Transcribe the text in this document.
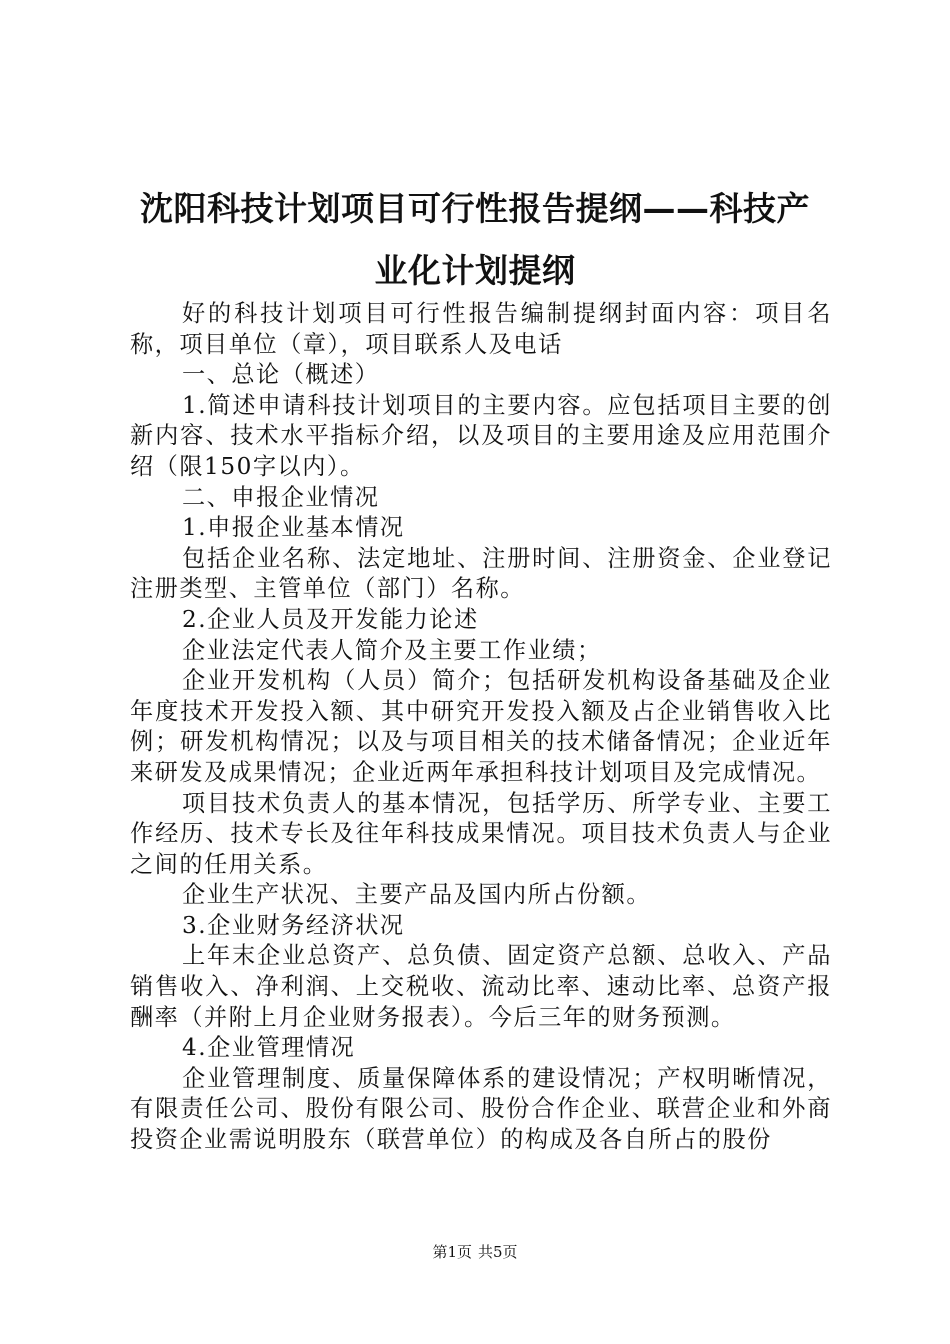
沈阳科技计划项目可行性报告提纲——科技产
业化计划提纲

好的科技计划项目可行性报告编制提纲封面内容：项目名称，项目单位（章），项目联系人及电话

一、总论（概述）

1.简述申请科技计划项目的主要内容。应包括项目主要的创新内容、技术水平指标介绍，以及项目的主要用途及应用范围介绍（限150字以内）。

二、申报企业情况

1.申报企业基本情况

包括企业名称、法定地址、注册时间、注册资金、企业登记注册类型、主管单位（部门）名称。

2.企业人员及开发能力论述

企业法定代表人简介及主要工作业绩；

企业开发机构（人员）简介；包括研发机构设备基础及企业年度技术开发投入额、其中研究开发投入额及占企业销售收入比例；研发机构情况；以及与项目相关的技术储备情况；企业近年来研发及成果情况；企业近两年承担科技计划项目及完成情况。

项目技术负责人的基本情况，包括学历、所学专业、主要工作经历、技术专长及往年科技成果情况。项目技术负责人与企业之间的任用关系。

企业生产状况、主要产品及国内所占份额。

3.企业财务经济状况

上年末企业总资产、总负债、固定资产总额、总收入、产品销售收入、净利润、上交税收、流动比率、速动比率、总资产报酬率（并附上月企业财务报表）。今后三年的财务预测。

4.企业管理情况

企业管理制度、质量保障体系的建设情况；产权明晰情况，有限责任公司、股份有限公司、股份合作企业、联营企业和外商投资企业需说明股东（联营单位）的构成及各自所占的股份

第1页 共5页
